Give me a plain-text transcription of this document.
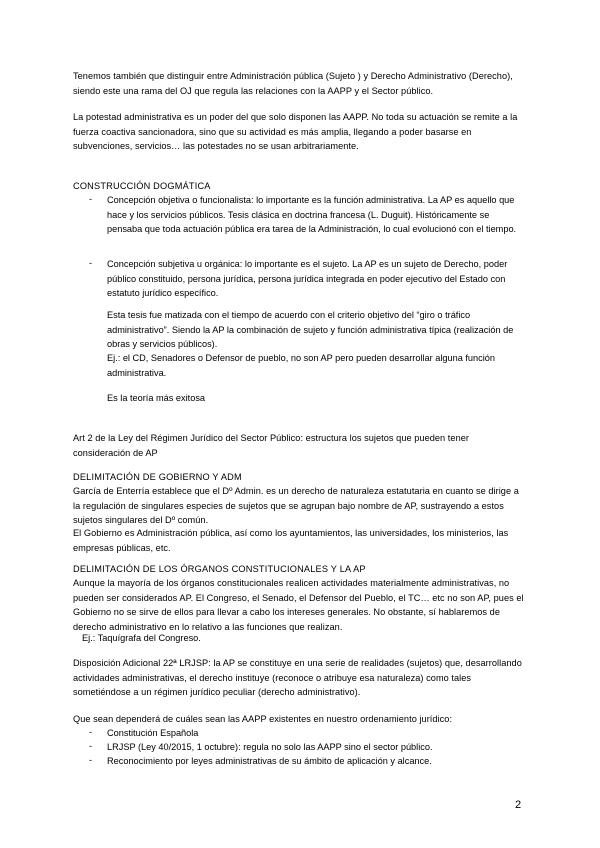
Tenemos también que distinguir entre Administración pública (Sujeto ) y Derecho Administrativo (Derecho), siendo este una rama del OJ que regula las relaciones con la AAPP y el Sector público.

La potestad administrativa es un poder del que solo disponen las AAPP. No toda su actuación se remite a la fuerza coactiva sancionadora, sino que su actividad es más amplia, llegando a poder basarse en subvenciones, servicios… las potestades no se usan arbitrariamente.

CONSTRUCCIÓN DOGMÁTICA

- Concepción objetiva o funcionalista: lo importante es la función administrativa. La AP es aquello que hace y los servicios públicos. Tesis clásica en doctrina francesa (L. Duguit). Históricamente se pensaba que toda actuación pública era tarea de la Administración, lo cual evolucionó con el tiempo.

- Concepción subjetiva u orgánica: lo importante es el sujeto. La AP es un sujeto de Derecho, poder público constituido, persona jurídica, persona jurídica integrada en poder ejecutivo del Estado con estatuto jurídico específico.

Esta tesis fue matizada con el tiempo de acuerdo con el criterio objetivo del “giro o tráfico administrativo”. Siendo la AP la combinación de sujeto y función administrativa típica (realización de obras y servicios públicos).

Ej.: el CD, Senadores o Defensor de pueblo, no son AP pero pueden desarrollar alguna función administrativa.

Es la teoría más exitosa

Art 2 de la Ley del Régimen Jurídico del Sector Público: estructura los sujetos que pueden tener consideración de AP

DELIMITACIÓN DE GOBIERNO Y ADM

García de Enterría establece que el Dº Admin. es un derecho de naturaleza estatutaria en cuanto se dirige a la regulación de singulares especies de sujetos que se agrupan bajo nombre de AP, sustrayendo a estos sujetos singulares del Dº común.

El Gobierno es Administración pública, así como los ayuntamientos, las universidades, los ministerios, las empresas públicas, etc.

DELIMITACIÓN DE LOS ÓRGANOS CONSTITUCIONALES Y LA AP

Aunque la mayoría de los órganos constitucionales realicen actividades materialmente administrativas, no pueden ser considerados AP. El Congreso, el Senado, el Defensor del Pueblo, el TC… etc no son AP, pues el Gobierno no se sirve de ellos para llevar a cabo los intereses generales. No obstante, sí hablaremos de derecho administrativo en lo relativo a las funciones que realizan.

Ej.: Taquígrafa del Congreso.

Disposición Adicional 22ª LRJSP: la AP se constituye en una serie de realidades (sujetos) que, desarrollando actividades administrativas, el derecho instituye (reconoce o atribuye esa naturaleza) como tales sometiéndose a un régimen jurídico peculiar (derecho administrativo).

Que sean dependerá de cuáles sean las AAPP existentes en nuestro ordenamiento jurídico:

- Constitución Española

- LRJSP (Ley 40/2015, 1 octubre): regula no solo las AAPP sino el sector público.

- Reconocimiento por leyes administrativas de su ámbito de aplicación y alcance.

2
